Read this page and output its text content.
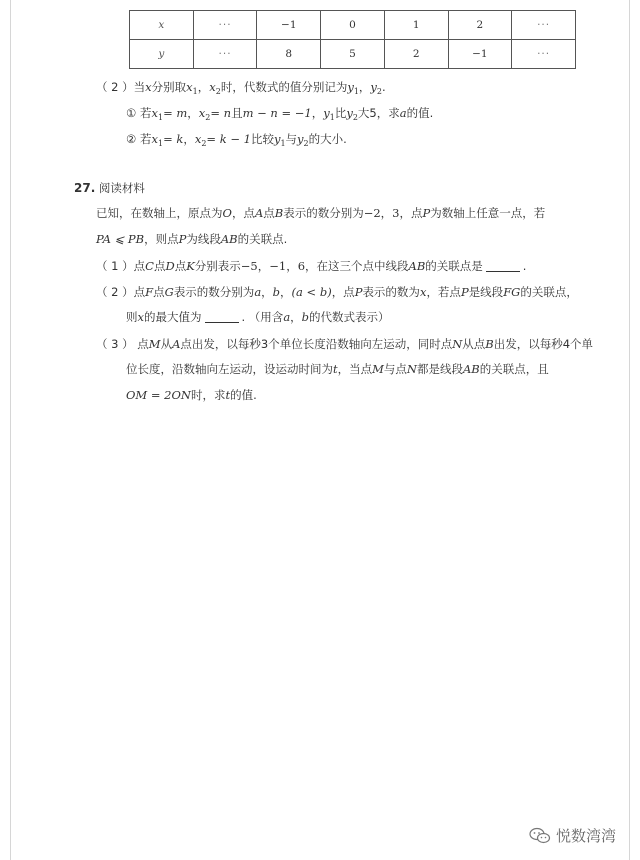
x	···	−1	0	1	2	···
y	···	8	5	2	−1	···
（ 2 ）当x分别取$x_1$，$x_2$时，代数式的值分别记为$y_1$，$y_2$.
① 若$x_1= m$，$x_2= n$且m − n = −1，$y_1$比$y_2$大5，求a的值.
② 若$x_1= k$，$x_2= k - 1$比较$y_1$与$y_2$的大小.
27. 阅读材料
已知，在数轴上，原点为O，点A点B表示的数分别为−2，3，点P为数轴上任意一点，若
PA ⩽ PB，则点P为线段AB的关联点.
（ 1 ）点C点D点K分别表示−5，−1，6，在这三个点中线段AB的关联点是	.
（ 2 ）点F点G表示的数分别为a，b，(a < b)，点P表示的数为x，若点P是线段FG的关联点，
则x的最大值为	. （用含a，b的代数式表示）
（ 3 ） 点M从A点出发，以每秒3个单位长度沿数轴向左运动，同时点N从点B出发，以每秒4个单
位长度，沿数轴向左运动，设运动时间为t，当点M与点N都是线段AB的关联点，且
OM = 2ON时，求t的值.
悦数湾湾
